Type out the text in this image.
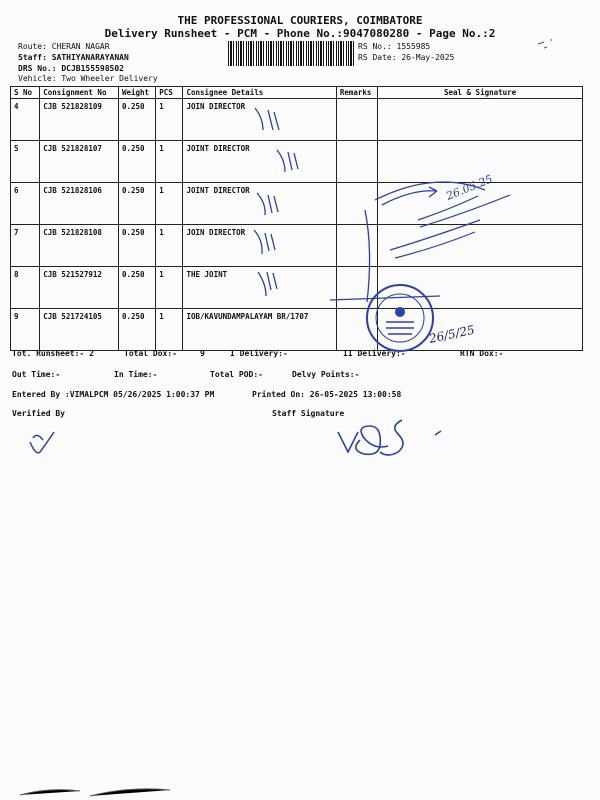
THE PROFESSIONAL COURIERS, COIMBATORE
Delivery Runsheet - PCM - Phone No.:9047080280 - Page No.:2
Route: CHERAN NAGAR
Staff: SATHIYANARAYANAN
DRS No.: DCJB155598502
Vehicle: Two Wheeler Delivery
RS No.: 1555985
RS Date: 26-May-2025
S No	Consignment No	Weight	PCS	Consignee Details	Remarks	Seal & Signature
4	CJB 521828109	0.250	1	JOIN DIRECTOR		
5	CJB 521828107	0.250	1	JOINT DIRECTOR		
6	CJB 521828106	0.250	1	JOINT DIRECTOR		
7	CJB 521828108	0.250	1	JOIN DIRECTOR		
8	CJB 521527912	0.250	1	THE JOINT		
9	CJB 521724105	0.250	1	IOB/KAVUNDAMPALAYAM BR/1707		
Tot. Runsheet:- 2	Total Dox:-	9	I Delivery:-	II Delivery:-	RTN Dox:-
Out Time:-	In Time:-	Total POD:-	Delvy Points:-
Entered By :VIMALPCM 05/26/2025 1:00:37 PM	Printed On: 26-05-2025 13:00:58
Verified By	Staff Signature
26.05.25
26/5/25
